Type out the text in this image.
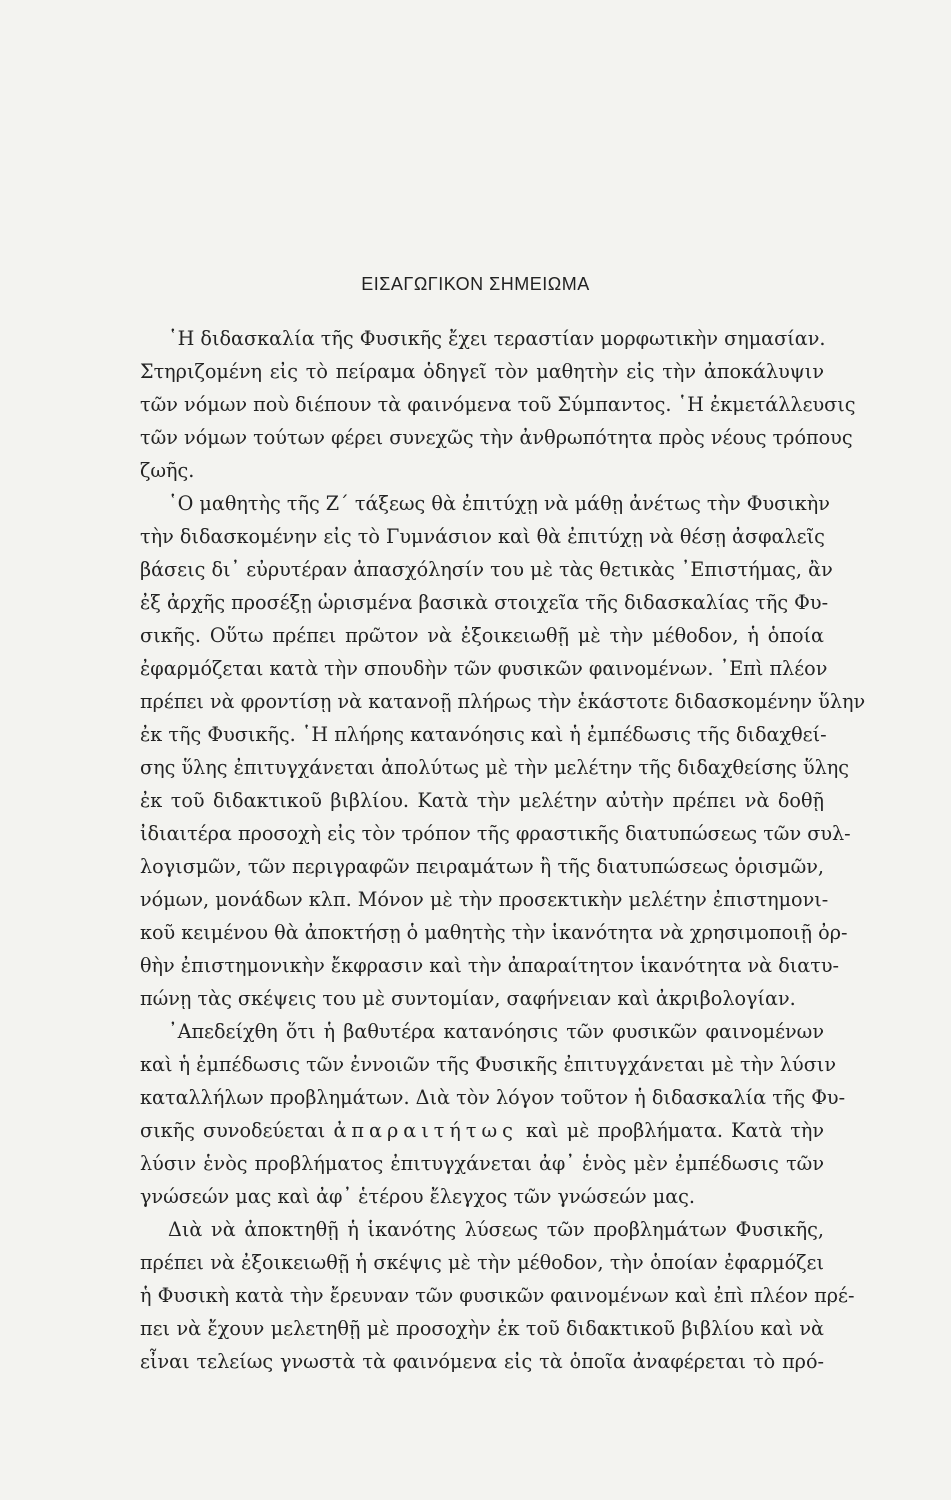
ΕΙΣΑΓΩΓΙΚΟΝ ΣΗΜΕΙΩΜΑ
῾Η διδασκαλία τῆς Φυσικῆς ἔχει τεραστίαν μορφωτικὴν σημασίαν.
Στηριζομένη εἰς τὸ πείραμα ὁδηγεῖ τὸν μαθητὴν εἰς τὴν ἀποκάλυψιν
τῶν νόμων ποὺ διέπουν τὰ φαινόμενα τοῦ Σύμπαντος. ῾Η ἐκμετάλλευσις
τῶν νόμων τούτων φέρει συνεχῶς τὴν ἀνθρωπότητα πρὸς νέους τρόπους
ζωῆς.
῾Ο μαθητὴς τῆς Ζ΄ τάξεως θὰ ἐπιτύχῃ νὰ μάθῃ ἀνέτως τὴν Φυσικὴν
τὴν διδασκομένην εἰς τὸ Γυμνάσιον καὶ θὰ ἐπιτύχῃ νὰ θέσῃ ἀσφαλεῖς
βάσεις δι᾿ εὐρυτέραν ἀπασχόλησίν του μὲ τὰς θετικὰς ᾿Επιστήμας, ἂν
ἐξ ἀρχῆς προσέξῃ ὡρισμένα βασικὰ στοιχεῖα τῆς διδασκαλίας τῆς Φυ-
σικῆς. Οὕτω πρέπει πρῶτον νὰ ἐξοικειωθῇ μὲ τὴν μέθοδον, ἡ ὁποία
ἐφαρμόζεται κατὰ τὴν σπουδὴν τῶν φυσικῶν φαινομένων. ᾿Επὶ πλέον
πρέπει νὰ φροντίσῃ νὰ κατανοῇ πλήρως τὴν ἑκάστοτε διδασκομένην ὕλην
ἐκ τῆς Φυσικῆς. ῾Η πλήρης κατανόησις καὶ ἡ ἐμπέδωσις τῆς διδαχθεί-
σης ὕλης ἐπιτυγχάνεται ἀπολύτως μὲ τὴν μελέτην τῆς διδαχθείσης ὕλης
ἐκ τοῦ διδακτικοῦ βιβλίου. Κατὰ τὴν μελέτην αὐτὴν πρέπει νὰ δοθῇ
ἰδιαιτέρα προσοχὴ εἰς τὸν τρόπον τῆς φραστικῆς διατυπώσεως τῶν συλ-
λογισμῶν, τῶν περιγραφῶν πειραμάτων ἢ τῆς διατυπώσεως ὁρισμῶν,
νόμων, μονάδων κλπ. Μόνον μὲ τὴν προσεκτικὴν μελέτην ἐπιστημονι-
κοῦ κειμένου θὰ ἀποκτήσῃ ὁ μαθητὴς τὴν ἱκανότητα νὰ χρησιμοποιῇ ὀρ-
θὴν ἐπιστημονικὴν ἔκφρασιν καὶ τὴν ἀπαραίτητον ἱκανότητα νὰ διατυ-
πώνῃ τὰς σκέψεις του μὲ συντομίαν, σαφήνειαν καὶ ἀκριβολογίαν.
᾿Απεδείχθη ὅτι ἡ βαθυτέρα κατανόησις τῶν φυσικῶν φαινομένων
καὶ ἡ ἐμπέδωσις τῶν ἐννοιῶν τῆς Φυσικῆς ἐπιτυγχάνεται μὲ τὴν λύσιν
καταλλήλων προβλημάτων. Διὰ τὸν λόγον τοῦτον ἡ διδασκαλία τῆς Φυ-
σικῆς συνοδεύεται ἀπαραιτήτως καὶ μὲ προβλήματα. Κατὰ τὴν
λύσιν ἑνὸς προβλήματος ἐπιτυγχάνεται ἀφ᾿ ἑνὸς μὲν ἐμπέδωσις τῶν
γνώσεών μας καὶ ἀφ᾿ ἑτέρου ἔλεγχος τῶν γνώσεών μας.
Διὰ νὰ ἀποκτηθῇ ἡ ἱκανότης λύσεως τῶν προβλημάτων Φυσικῆς,
πρέπει νὰ ἐξοικειωθῇ ἡ σκέψις μὲ τὴν μέθοδον, τὴν ὁποίαν ἐφαρμόζει
ἡ Φυσικὴ κατὰ τὴν ἔρευναν τῶν φυσικῶν φαινομένων καὶ ἐπὶ πλέον πρέ-
πει νὰ ἔχουν μελετηθῇ μὲ προσοχὴν ἐκ τοῦ διδακτικοῦ βιβλίου καὶ νὰ
εἶναι τελείως γνωστὰ τὰ φαινόμενα εἰς τὰ ὁποῖα ἀναφέρεται τὸ πρό-
